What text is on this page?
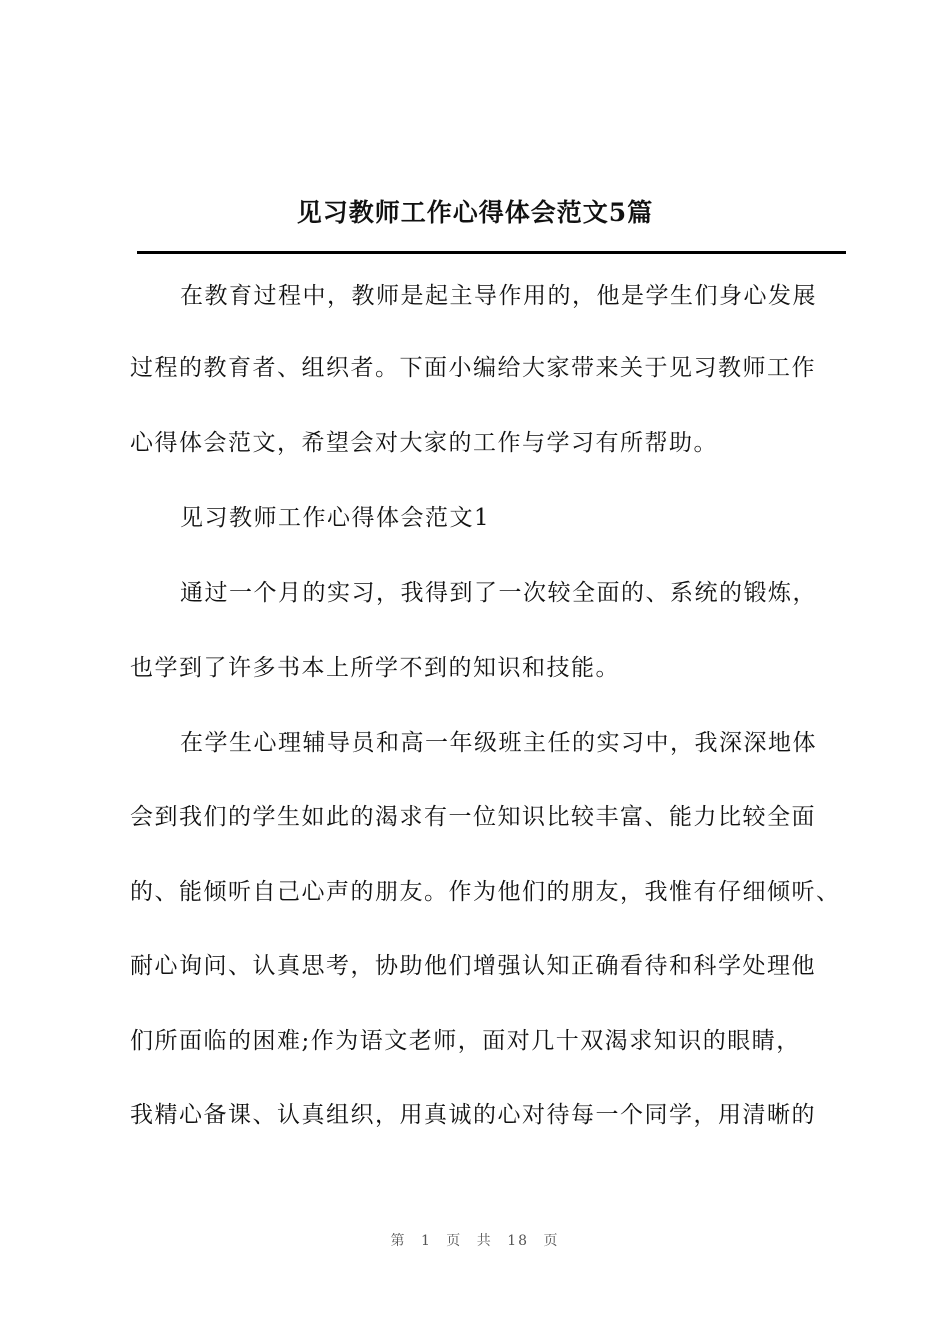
见习教师工作心得体会范文5篇
在教育过程中，教师是起主导作用的，他是学生们身心发展
过程的教育者、组织者。下面小编给大家带来关于见习教师工作
心得体会范文，希望会对大家的工作与学习有所帮助。
见习教师工作心得体会范文1
通过一个月的实习，我得到了一次较全面的、系统的锻炼，
也学到了许多书本上所学不到的知识和技能。
在学生心理辅导员和高一年级班主任的实习中，我深深地体
会到我们的学生如此的渴求有一位知识比较丰富、能力比较全面
的、能倾听自己心声的朋友。作为他们的朋友，我惟有仔细倾听、
耐心询问、认真思考，协助他们增强认知正确看待和科学处理他
们所面临的困难;作为语文老师，面对几十双渴求知识的眼睛，
我精心备课、认真组织，用真诚的心对待每一个同学，用清晰的
第 1 页 共 18 页
